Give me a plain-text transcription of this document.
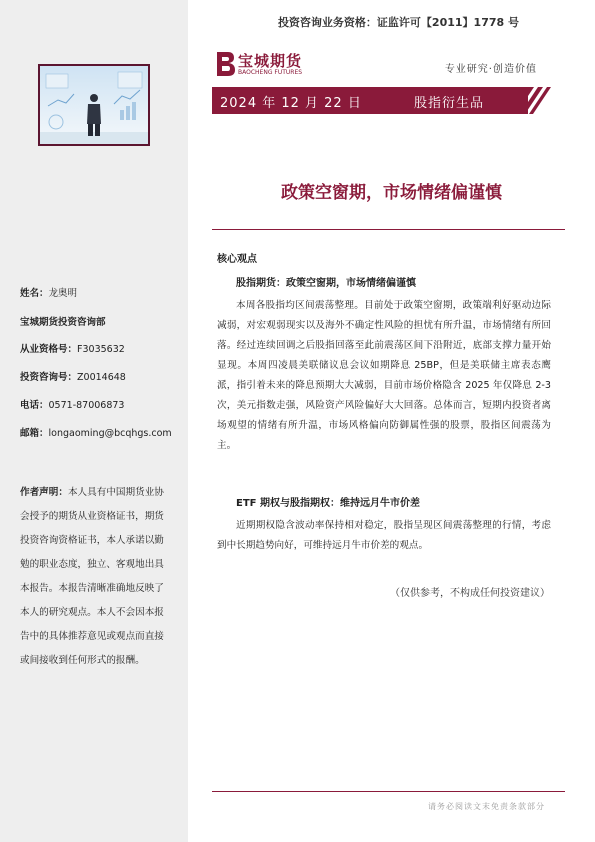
投资咨询业务资格：证监许可【2011】1778 号
宝城期货
BAOCHENG FUTURES	专业研究·创造价值
2024 年 12 月 22 日	股指衍生品
政策空窗期，市场情绪偏谨慎
核心观点
股指期货：政策空窗期，市场情绪偏谨慎

本周各股指均区间震荡整理。目前处于政策空窗期，政策端利好驱动边际减弱，对宏观弱现实以及海外不确定性风险的担忧有所升温，市场情绪有所回落。经过连续回调之后股指回落至此前震荡区间下沿附近，底部支撑力量开始显现。本周四凌晨美联储议息会议如期降息 25BP，但是美联储主席表态鹰派，指引着未来的降息预期大大减弱，目前市场价格隐含 2025 年仅降息 2-3 次，美元指数走强，风险资产风险偏好大大回落。总体而言，短期内投资者离场观望的情绪有所升温，市场风格偏向防御属性强的股票，股指区间震荡为主。

ETF 期权与股指期权：维持远月牛市价差

近期期权隐含波动率保持相对稳定，股指呈现区间震荡整理的行情，考虑到中长期趋势向好，可维持远月牛市价差的观点。

（仅供参考，不构成任何投资建议）
请务必阅读文末免责条款部分
姓名：龙奥明
宝城期货投资咨询部
从业资格号：F3035632
投资咨询号：Z0014648
电话：0571-87006873
邮箱：longaoming@bcqhgs.com

作者声明：本人具有中国期货业协会授予的期货从业资格证书，期货投资咨询资格证书，本人承诺以勤勉的职业态度，独立、客观地出具本报告。本报告清晰准确地反映了本人的研究观点。本人不会因本报告中的具体推荐意见或观点而直接或间接收到任何形式的报酬。
